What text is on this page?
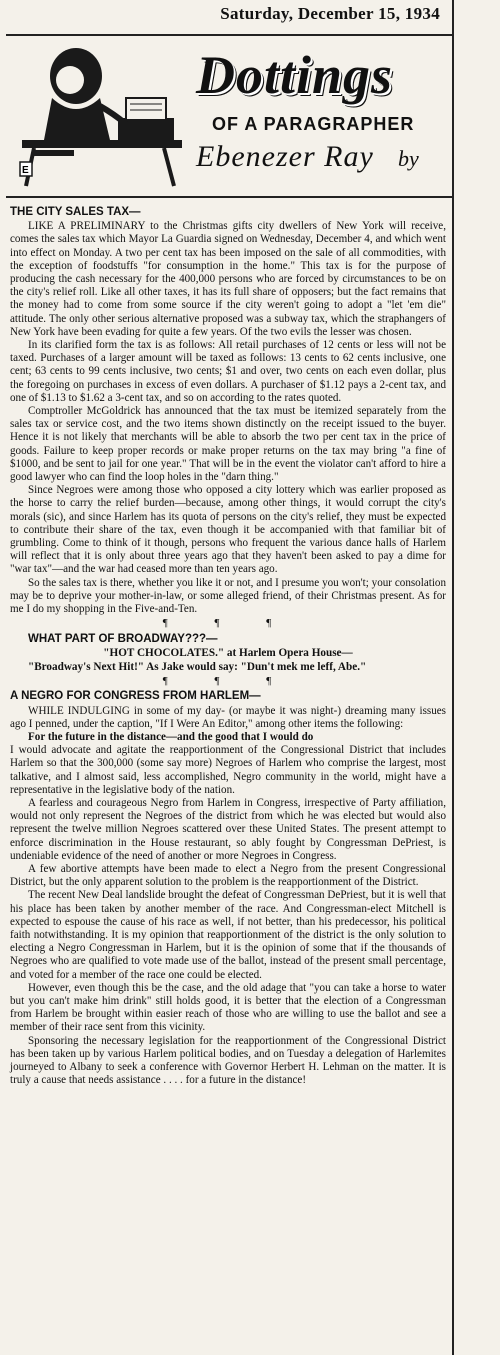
Saturday, December 15, 1934
E
Dottings
OF A PARAGRAPHER
Ebenezer Ray by
THE CITY SALES TAX—

LIKE A PRELIMINARY to the Christmas gifts city dwellers of New York will receive, comes the sales tax which Mayor La Guardia signed on Wednesday, December 4, and which went into effect on Monday. A two per cent tax has been imposed on the sale of all commodities, with the exception of foodstuffs "for consumption in the home." This tax is for the purpose of producing the cash necessary for the 400,000 persons who are forced by circumstances to be on the city's relief roll. Like all other taxes, it has its full share of opposers; but the fact remains that the money had to come from some source if the city weren't going to adopt a "let 'em die" attitude. The only other serious alternative proposed was a subway tax, which the straphangers of New York have been evading for quite a few years. Of the two evils the lesser was chosen.

In its clarified form the tax is as follows: All retail purchases of 12 cents or less will not be taxed. Purchases of a larger amount will be taxed as follows: 13 cents to 62 cents inclusive, one cent; 63 cents to 99 cents inclusive, two cents; $1 and over, two cents on each even dollar, plus the foregoing on purchases in excess of even dollars. A purchaser of $1.12 pays a 2-cent tax, and one of $1.13 to $1.62 a 3-cent tax, and so on according to the rates quoted.

Comptroller McGoldrick has announced that the tax must be itemized separately from the sales tax or service cost, and the two items shown distinctly on the receipt issued to the buyer. Hence it is not likely that merchants will be able to absorb the two per cent tax in the price of goods. Failure to keep proper records or make proper returns on the tax may bring "a fine of $1000, and be sent to jail for one year." That will be in the event the violator can't afford to hire a good lawyer who can find the loop holes in the "darn thing."

Since Negroes were among those who opposed a city lottery which was earlier proposed as the horse to carry the relief burden—because, among other things, it would corrupt the city's morals (sic), and since Harlem has its quota of persons on the city's relief, they must be expected to contribute their share of the tax, even though it be accompanied with that familiar bit of grumbling. Come to think of it though, persons who frequent the various dance halls of Harlem will reflect that it is only about three years ago that they haven't been asked to pay a dime for "war tax"—and the war had ceased more than ten years ago.

So the sales tax is there, whether you like it or not, and I presume you won't; your consolation may be to deprive your mother-in-law, or some alleged friend, of their Christmas present. As for me I do my shopping in the Five-and-Ten.

¶ ¶ ¶
WHAT PART OF BROADWAY???—
"HOT CHOCOLATES." at Harlem Opera House—

"Broadway's Next Hit!" As Jake would say: "Dun't mek me leff, Abe."

¶ ¶ ¶
A NEGRO FOR CONGRESS FROM HARLEM—

WHILE INDULGING in some of my day- (or maybe it was night-) dreaming many issues ago I penned, under the caption, "If I Were An Editor," among other items the following:

For the future in the distance—and the good that I would do

I would advocate and agitate the reapportionment of the Congressional District that includes Harlem so that the 300,000 (some say more) Negroes of Harlem who comprise the largest, most talkative, and I almost said, less accomplished, Negro community in the world, might have a representative in the legislative body of the nation.

A fearless and courageous Negro from Harlem in Congress, irrespective of Party affiliation, would not only represent the Negroes of the district from which he was elected but would also represent the twelve million Negroes scattered over these United States. The present attempt to enforce discrimination in the House restaurant, so ably fought by Congressman DePriest, is undeniable evidence of the need of another or more Negroes in Congress.

A few abortive attempts have been made to elect a Negro from the present Congressional District, but the only apparent solution to the problem is the reapportionment of the District.

The recent New Deal landslide brought the defeat of Congressman DePriest, but it is well that his place has been taken by another member of the race. And Congressman-elect Mitchell is expected to espouse the cause of his race as well, if not better, than his predecessor, his political faith notwithstanding. It is my opinion that reapportionment of the district is the only solution to electing a Negro Congressman in Harlem, but it is the opinion of some that if the thousands of Negroes who are qualified to vote made use of the ballot, instead of the present small percentage, and voted for a member of the race one could be elected.

However, even though this be the case, and the old adage that "you can take a horse to water but you can't make him drink" still holds good, it is better that the election of a Congressman from Harlem be brought within easier reach of those who are willing to use the ballot and see a member of their race sent from this vicinity.

Sponsoring the necessary legislation for the reapportionment of the Congressional District has been taken up by various Harlem political bodies, and on Tuesday a delegation of Harlemites journeyed to Albany to seek a conference with Governor Herbert H. Lehman on the matter. It is truly a cause that needs assistance . . . . for a future in the distance!
